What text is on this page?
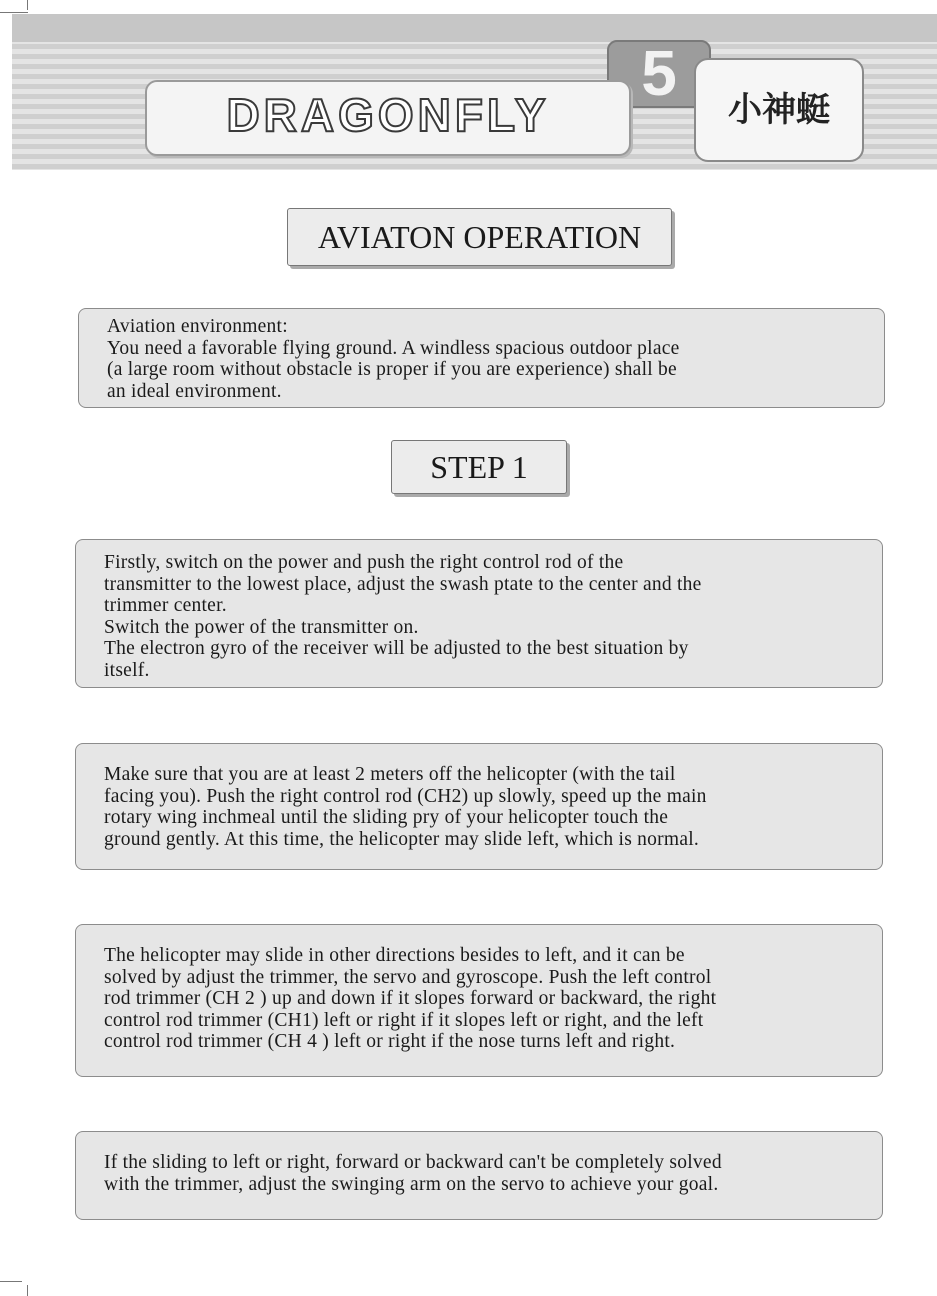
5
DRAGONFLY	小神蜓
AVIATON OPERATION

Aviation environment:

You need a favorable flying ground. A windless spacious outdoor place

(a large room without obstacle is proper if you are experience) shall be

an ideal environment.

STEP 1

Firstly, switch on the power and push the right control rod of the

transmitter to the lowest place, adjust the swash ptate to the center and the

trimmer center.

Switch the power of the transmitter on.

The electron gyro of the receiver will be adjusted to the best situation by

itself.

Make sure that you are at least 2 meters off the helicopter (with the tail

facing you). Push the right control rod (CH2) up slowly, speed up the main

rotary wing inchmeal until the sliding pry of your helicopter touch the

ground gently. At this time, the helicopter may slide left, which is normal.

The helicopter may slide in other directions besides to left, and it can be

solved by adjust the trimmer, the servo and gyroscope. Push the left control

rod trimmer (CH 2 ) up and down if it slopes forward or backward, the right

control rod trimmer (CH1) left or right if it slopes left or right, and the left

control rod trimmer (CH 4 ) left or right if the nose turns left and right.

If the sliding to left or right, forward or backward can't be completely solved

with the trimmer, adjust the swinging arm on the servo to achieve your goal.
